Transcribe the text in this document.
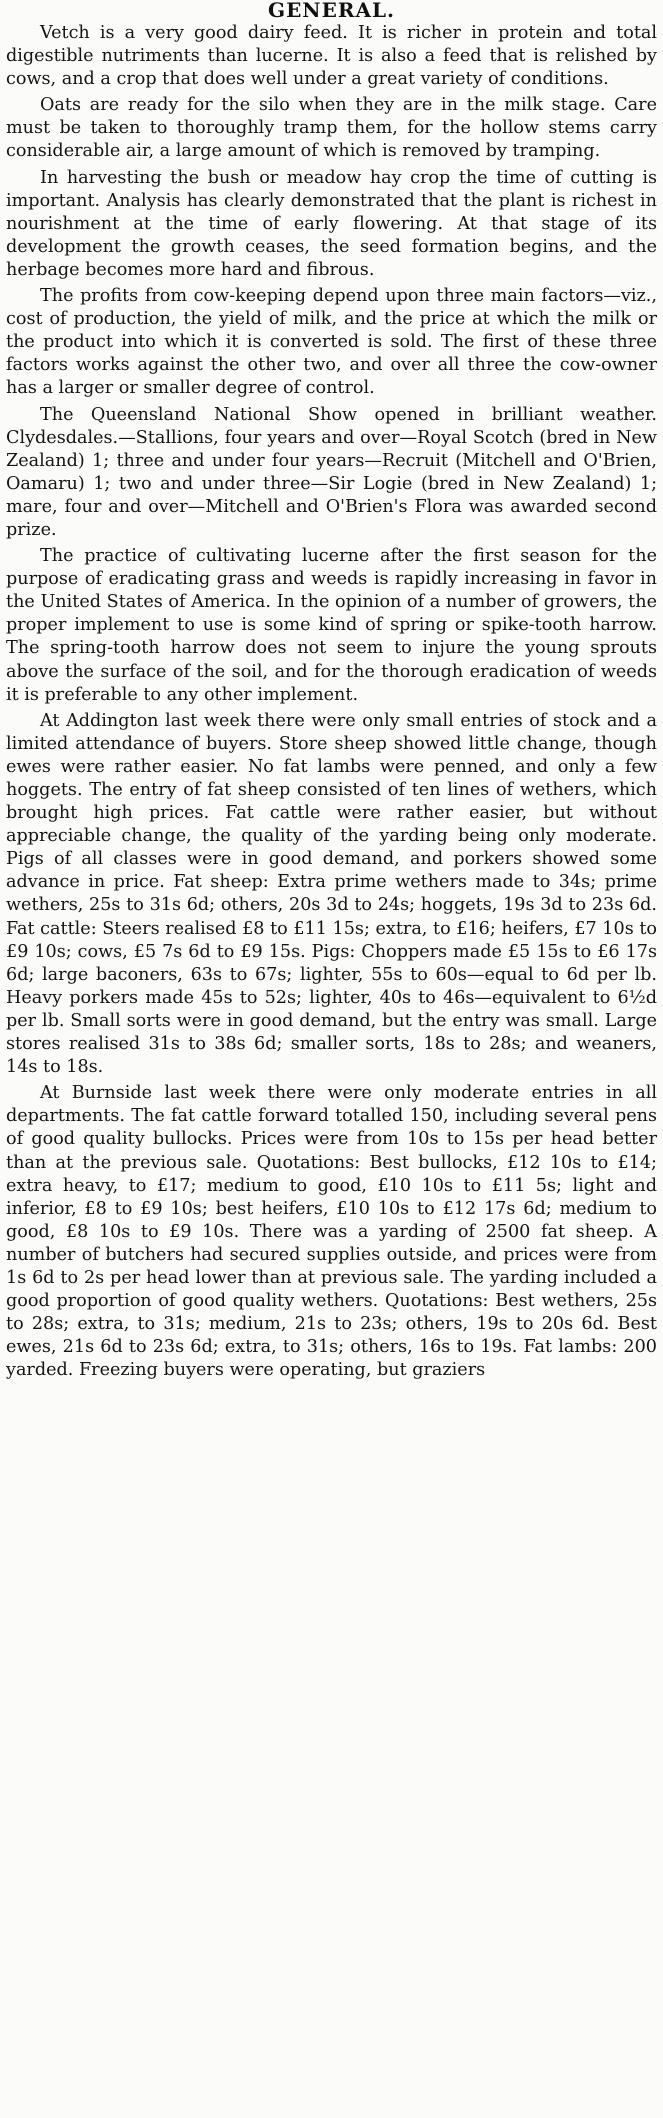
GENERAL.

Vetch is a very good dairy feed. It is richer in protein and total digestible nutriments than lucerne. It is also a feed that is relished by cows, and a crop that does well under a great variety of conditions.

Oats are ready for the silo when they are in the milk stage. Care must be taken to thoroughly tramp them, for the hollow stems carry considerable air, a large amount of which is removed by tramping.

In harvesting the bush or meadow hay crop the time of cutting is important. Analysis has clearly demonstrated that the plant is richest in nourishment at the time of early flowering. At that stage of its development the growth ceases, the seed formation begins, and the herbage becomes more hard and fibrous.

The profits from cow-keeping depend upon three main factors—viz., cost of production, the yield of milk, and the price at which the milk or the product into which it is converted is sold. The first of these three factors works against the other two, and over all three the cow-owner has a larger or smaller degree of control.

The Queensland National Show opened in brilliant weather. Clydesdales.—Stallions, four years and over—Royal Scotch (bred in New Zealand) 1; three and under four years—Recruit (Mitchell and O'Brien, Oamaru) 1; two and under three—Sir Logie (bred in New Zealand) 1; mare, four and over—Mitchell and O'Brien's Flora was awarded second prize.

The practice of cultivating lucerne after the first season for the purpose of eradicating grass and weeds is rapidly increasing in favor in the United States of America. In the opinion of a number of growers, the proper implement to use is some kind of spring or spike-tooth harrow. The spring-tooth harrow does not seem to injure the young sprouts above the surface of the soil, and for the thorough eradication of weeds it is preferable to any other implement.

At Addington last week there were only small entries of stock and a limited attendance of buyers. Store sheep showed little change, though ewes were rather easier. No fat lambs were penned, and only a few hoggets. The entry of fat sheep consisted of ten lines of wethers, which brought high prices. Fat cattle were rather easier, but without appreciable change, the quality of the yarding being only moderate. Pigs of all classes were in good demand, and porkers showed some advance in price. Fat sheep: Extra prime wethers made to 34s; prime wethers, 25s to 31s 6d; others, 20s 3d to 24s; hoggets, 19s 3d to 23s 6d. Fat cattle: Steers realised £8 to £11 15s; extra, to £16; heifers, £7 10s to £9 10s; cows, £5 7s 6d to £9 15s. Pigs: Choppers made £5 15s to £6 17s 6d; large baconers, 63s to 67s; lighter, 55s to 60s—equal to 6d per lb. Heavy porkers made 45s to 52s; lighter, 40s to 46s—equivalent to 6½d per lb. Small sorts were in good demand, but the entry was small. Large stores realised 31s to 38s 6d; smaller sorts, 18s to 28s; and weaners, 14s to 18s.

At Burnside last week there were only moderate entries in all departments. The fat cattle forward totalled 150, including several pens of good quality bullocks. Prices were from 10s to 15s per head better than at the previous sale. Quotations: Best bullocks, £12 10s to £14; extra heavy, to £17; medium to good, £10 10s to £11 5s; light and inferior, £8 to £9 10s; best heifers, £10 10s to £12 17s 6d; medium to good, £8 10s to £9 10s. There was a yarding of 2500 fat sheep. A number of butchers had secured supplies outside, and prices were from 1s 6d to 2s per head lower than at previous sale. The yarding included a good proportion of good quality wethers. Quotations: Best wethers, 25s to 28s; extra, to 31s; medium, 21s to 23s; others, 19s to 20s 6d. Best ewes, 21s 6d to 23s 6d; extra, to 31s; others, 16s to 19s. Fat lambs: 200 yarded. Freezing buyers were operating, but graziers
